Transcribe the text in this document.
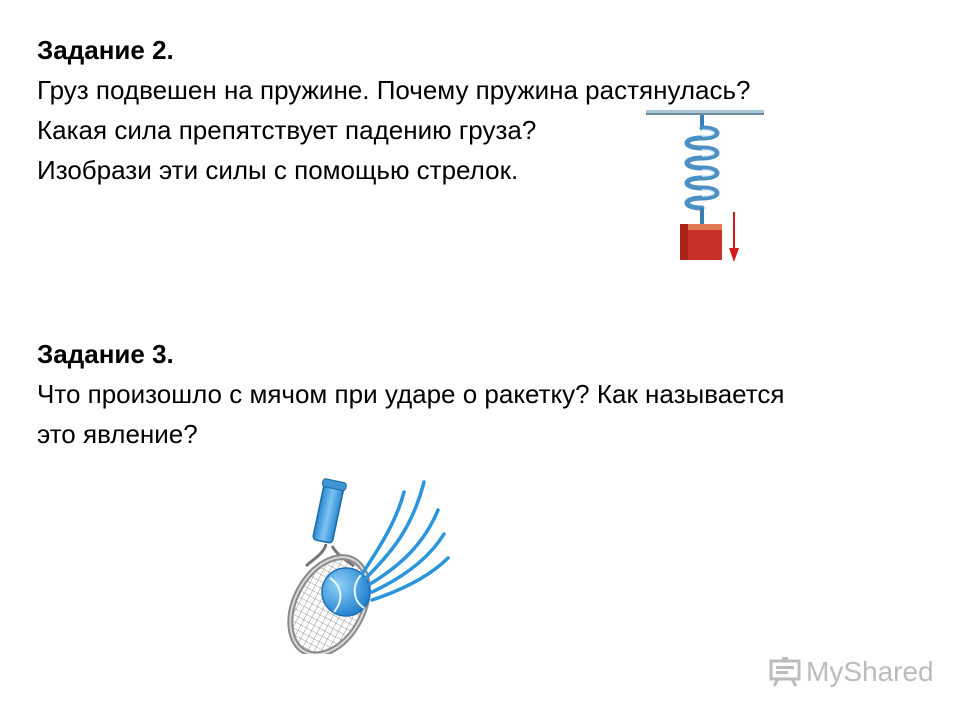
Задание 2.

Груз подвешен на пружине. Почему пружина растянулась?

Какая сила препятствует падению груза?

Изобрази эти силы с помощью стрелок.

Задание 3.

Что произошло с мячом при ударе о ракетку? Как называется

это явление?

MyShared
